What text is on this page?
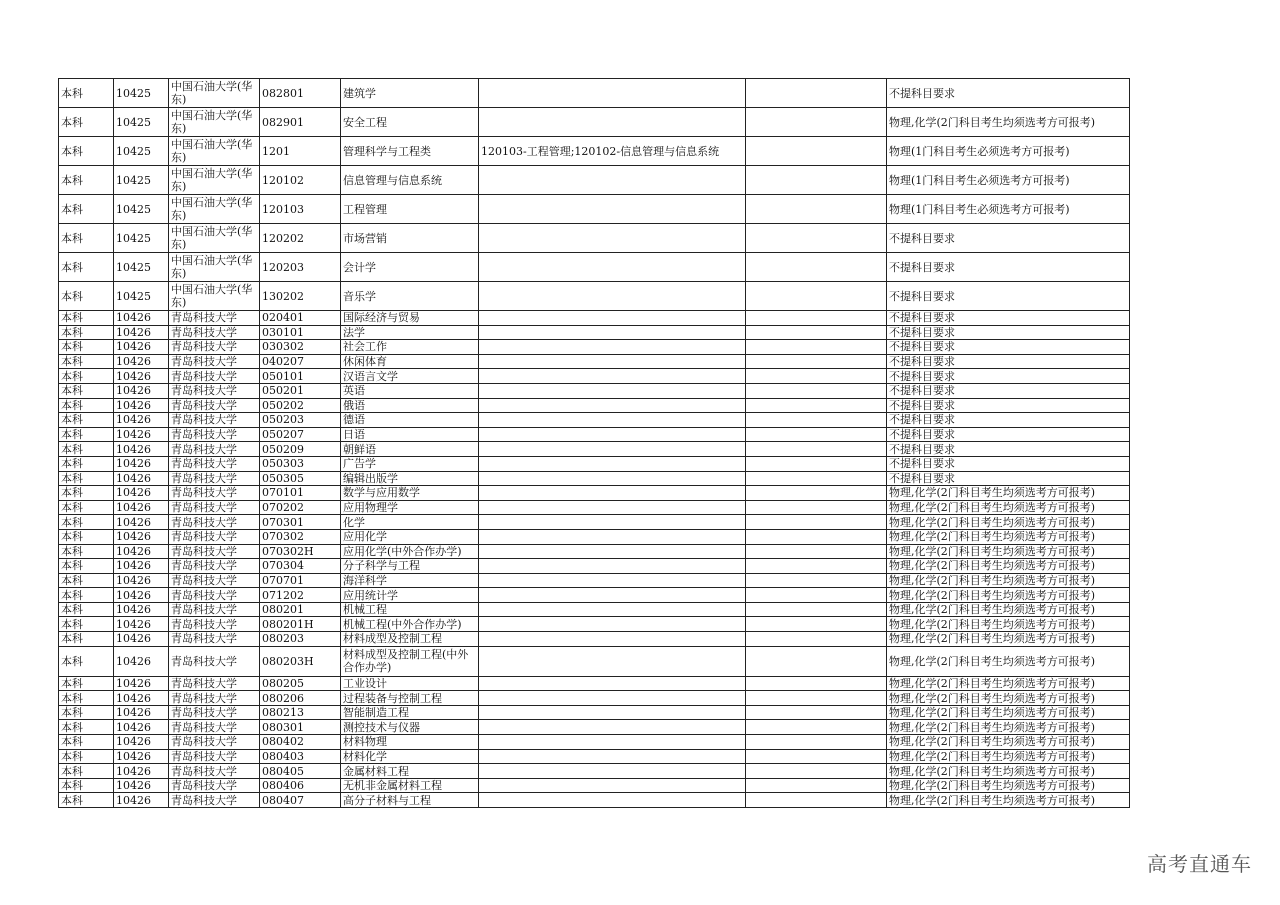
本科	10425	中国石油大学(华东)	082801	建筑学			不提科目要求
本科	10425	中国石油大学(华东)	082901	安全工程			物理,化学(2门科目考生均须选考方可报考)
本科	10425	中国石油大学(华东)	1201	管理科学与工程类	120103-工程管理;120102-信息管理与信息系统		物理(1门科目考生必须选考方可报考)
本科	10425	中国石油大学(华东)	120102	信息管理与信息系统			物理(1门科目考生必须选考方可报考)
本科	10425	中国石油大学(华东)	120103	工程管理			物理(1门科目考生必须选考方可报考)
本科	10425	中国石油大学(华东)	120202	市场营销			不提科目要求
本科	10425	中国石油大学(华东)	120203	会计学			不提科目要求
本科	10425	中国石油大学(华东)	130202	音乐学			不提科目要求
本科	10426	青岛科技大学	020401	国际经济与贸易			不提科目要求
本科	10426	青岛科技大学	030101	法学			不提科目要求
本科	10426	青岛科技大学	030302	社会工作			不提科目要求
本科	10426	青岛科技大学	040207	休闲体育			不提科目要求
本科	10426	青岛科技大学	050101	汉语言文学			不提科目要求
本科	10426	青岛科技大学	050201	英语			不提科目要求
本科	10426	青岛科技大学	050202	俄语			不提科目要求
本科	10426	青岛科技大学	050203	德语			不提科目要求
本科	10426	青岛科技大学	050207	日语			不提科目要求
本科	10426	青岛科技大学	050209	朝鲜语			不提科目要求
本科	10426	青岛科技大学	050303	广告学			不提科目要求
本科	10426	青岛科技大学	050305	编辑出版学			不提科目要求
本科	10426	青岛科技大学	070101	数学与应用数学			物理,化学(2门科目考生均须选考方可报考)
本科	10426	青岛科技大学	070202	应用物理学			物理,化学(2门科目考生均须选考方可报考)
本科	10426	青岛科技大学	070301	化学			物理,化学(2门科目考生均须选考方可报考)
本科	10426	青岛科技大学	070302	应用化学			物理,化学(2门科目考生均须选考方可报考)
本科	10426	青岛科技大学	070302H	应用化学(中外合作办学)			物理,化学(2门科目考生均须选考方可报考)
本科	10426	青岛科技大学	070304	分子科学与工程			物理,化学(2门科目考生均须选考方可报考)
本科	10426	青岛科技大学	070701	海洋科学			物理,化学(2门科目考生均须选考方可报考)
本科	10426	青岛科技大学	071202	应用统计学			物理,化学(2门科目考生均须选考方可报考)
本科	10426	青岛科技大学	080201	机械工程			物理,化学(2门科目考生均须选考方可报考)
本科	10426	青岛科技大学	080201H	机械工程(中外合作办学)			物理,化学(2门科目考生均须选考方可报考)
本科	10426	青岛科技大学	080203	材料成型及控制工程			物理,化学(2门科目考生均须选考方可报考)
本科	10426	青岛科技大学	080203H	材料成型及控制工程(中外合作办学)			物理,化学(2门科目考生均须选考方可报考)
本科	10426	青岛科技大学	080205	工业设计			物理,化学(2门科目考生均须选考方可报考)
本科	10426	青岛科技大学	080206	过程装备与控制工程			物理,化学(2门科目考生均须选考方可报考)
本科	10426	青岛科技大学	080213	智能制造工程			物理,化学(2门科目考生均须选考方可报考)
本科	10426	青岛科技大学	080301	测控技术与仪器			物理,化学(2门科目考生均须选考方可报考)
本科	10426	青岛科技大学	080402	材料物理			物理,化学(2门科目考生均须选考方可报考)
本科	10426	青岛科技大学	080403	材料化学			物理,化学(2门科目考生均须选考方可报考)
本科	10426	青岛科技大学	080405	金属材料工程			物理,化学(2门科目考生均须选考方可报考)
本科	10426	青岛科技大学	080406	无机非金属材料工程			物理,化学(2门科目考生均须选考方可报考)
本科	10426	青岛科技大学	080407	高分子材料与工程			物理,化学(2门科目考生均须选考方可报考)
高考直通车
